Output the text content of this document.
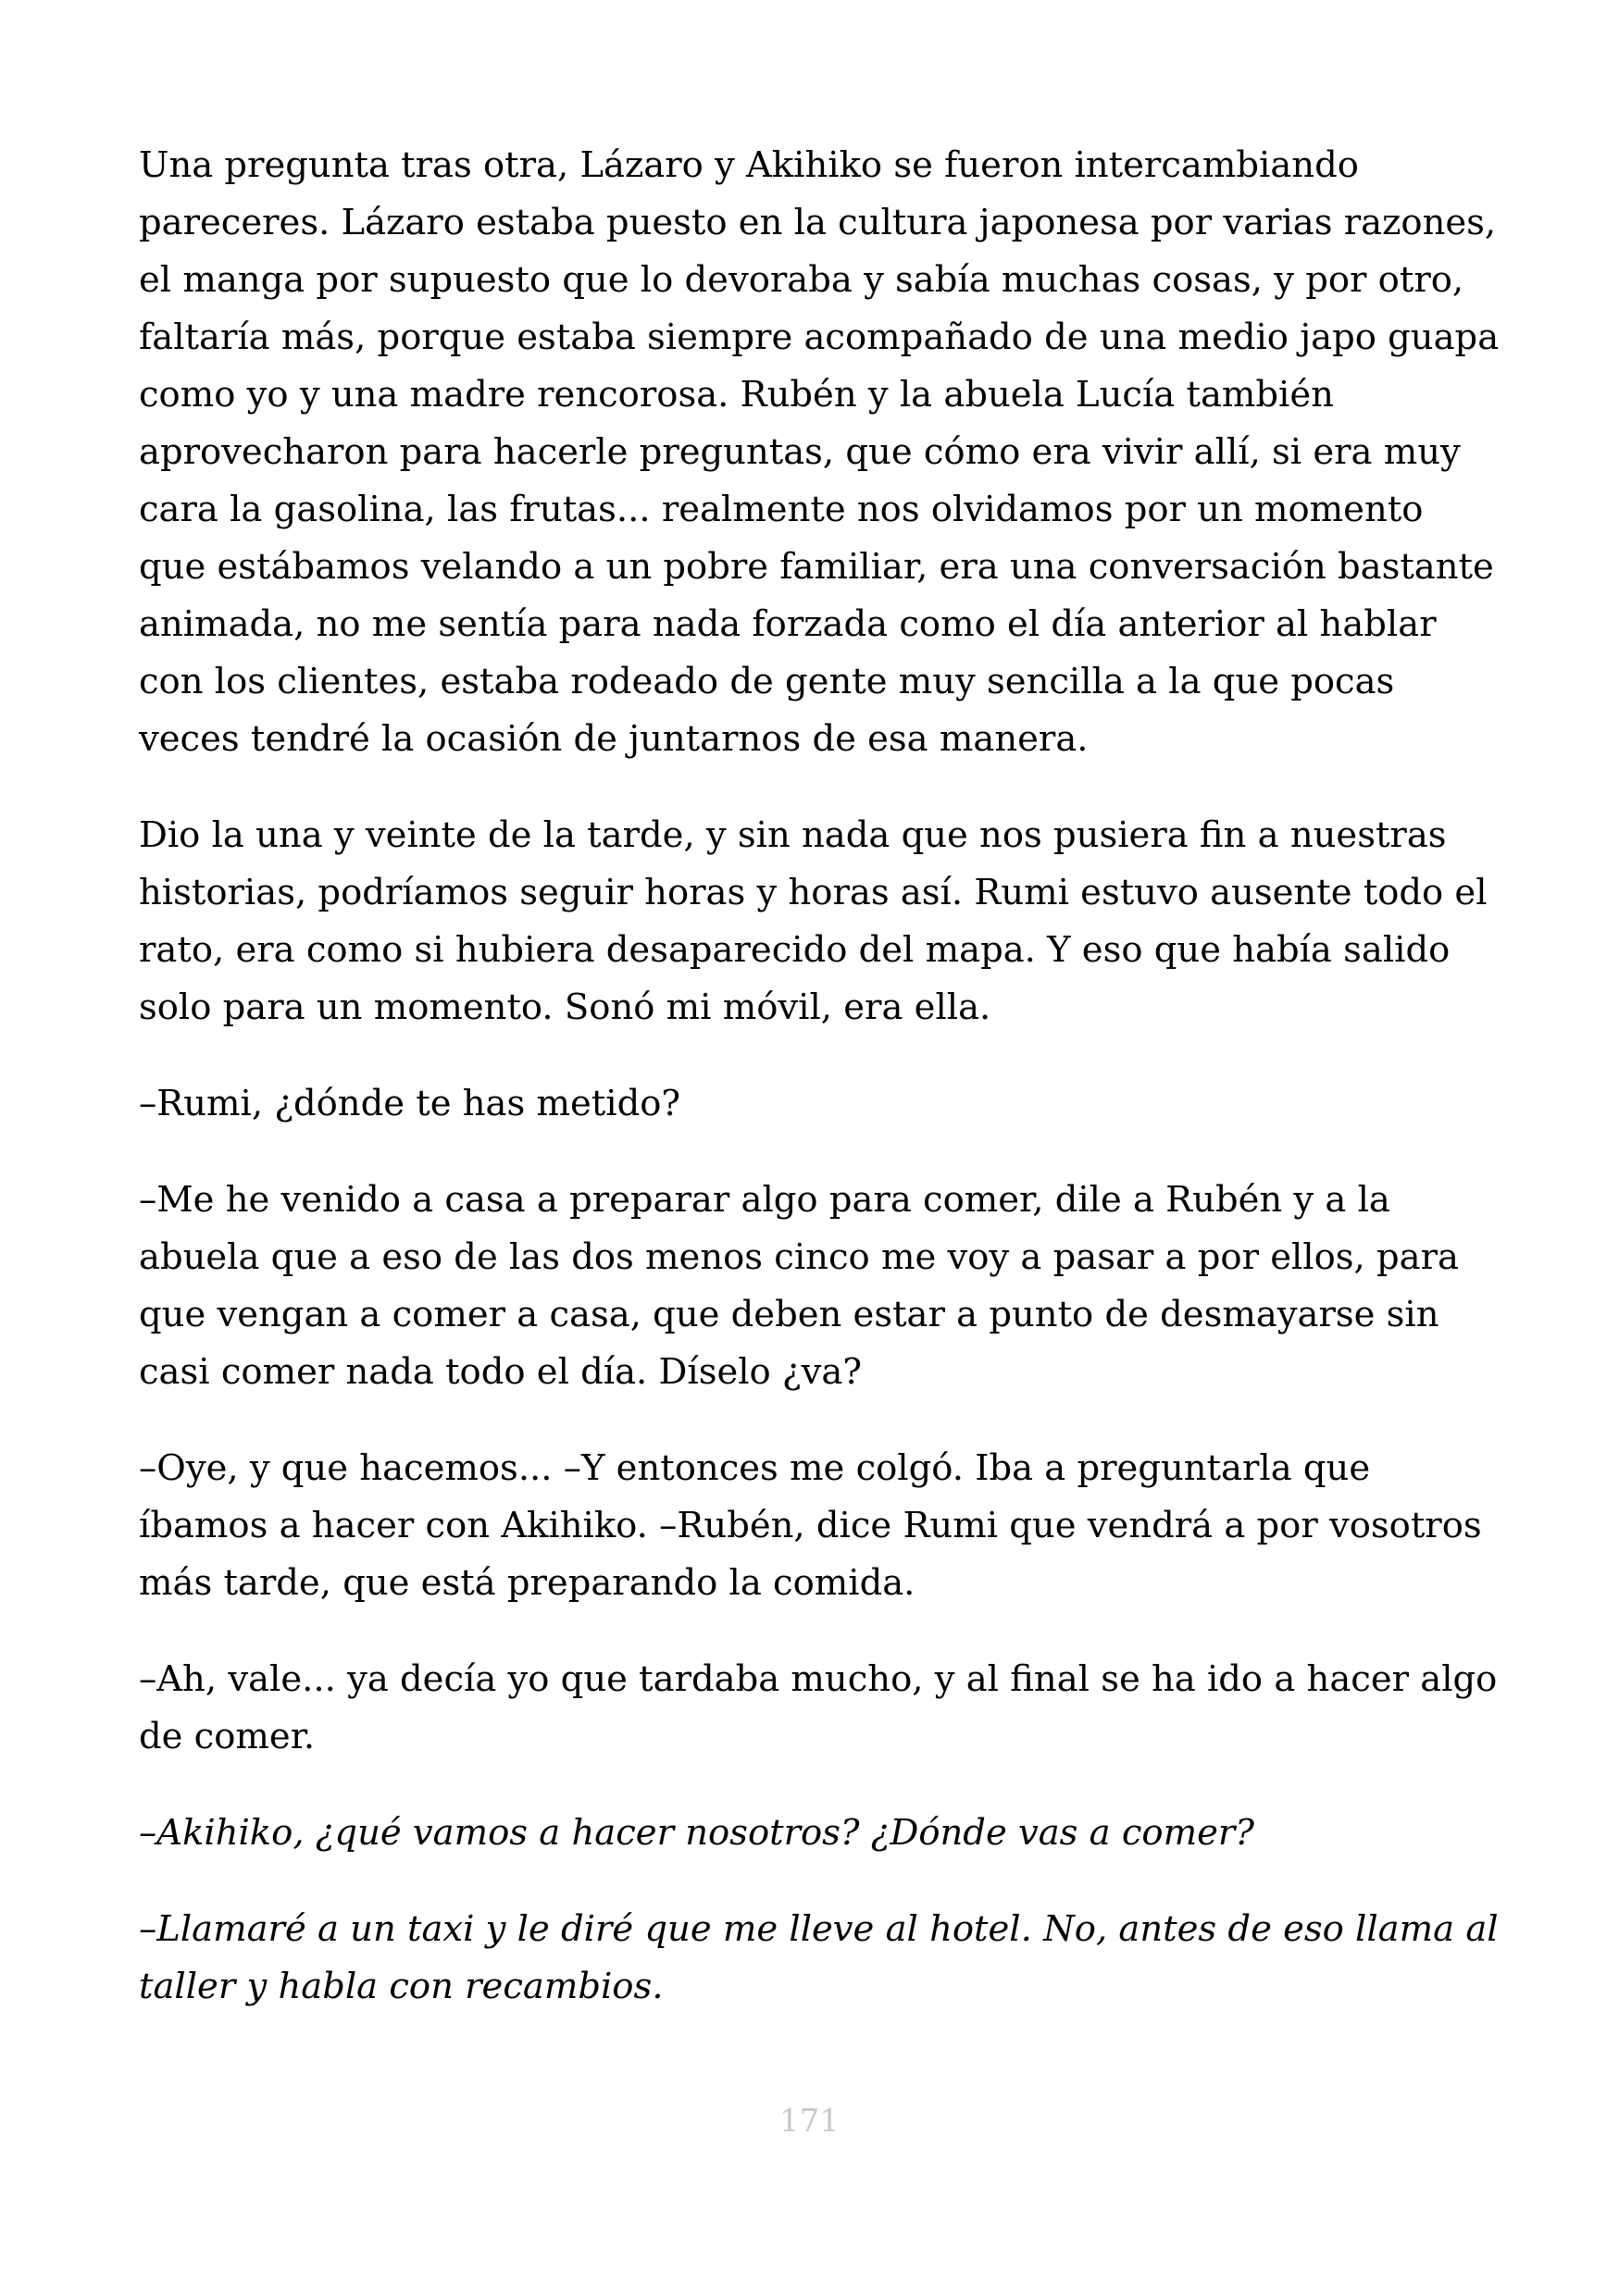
Una pregunta tras otra, Lázaro y Akihiko se fueron intercambiando pareceres. Lázaro estaba puesto en la cultura japonesa por varias razones, el manga por supuesto que lo devoraba y sabía muchas cosas, y por otro, faltaría más, porque estaba siempre acompañado de una medio japo guapa como yo y una madre rencorosa. Rubén y la abuela Lucía también aprovecharon para hacerle preguntas, que cómo era vivir allí, si era muy cara la gasolina, las frutas... realmente nos olvidamos por un momento que estábamos velando a un pobre familiar, era una conversación bastante animada, no me sentía para nada forzada como el día anterior al hablar con los clientes, estaba rodeado de gente muy sencilla a la que pocas veces tendré la ocasión de juntarnos de esa manera.

Dio la una y veinte de la tarde, y sin nada que nos pusiera fin a nuestras historias, podríamos seguir horas y horas así. Rumi estuvo ausente todo el rato, era como si hubiera desaparecido del mapa. Y eso que había salido solo para un momento. Sonó mi móvil, era ella.

–Rumi, ¿dónde te has metido?

–Me he venido a casa a preparar algo para comer, dile a Rubén y a la abuela que a eso de las dos menos cinco me voy a pasar a por ellos, para que vengan a comer a casa, que deben estar a punto de desmayarse sin casi comer nada todo el día. Díselo ¿va?

–Oye, y que hacemos... –Y entonces me colgó. Iba a preguntarla que íbamos a hacer con Akihiko. –Rubén, dice Rumi que vendrá a por vosotros más tarde, que está preparando la comida.

–Ah, vale... ya decía yo que tardaba mucho, y al final se ha ido a hacer algo de comer.

–Akihiko, ¿qué vamos a hacer nosotros? ¿Dónde vas a comer?

–Llamaré a un taxi y le diré que me lleve al hotel. No, antes de eso llama al taller y habla con recambios.

171
